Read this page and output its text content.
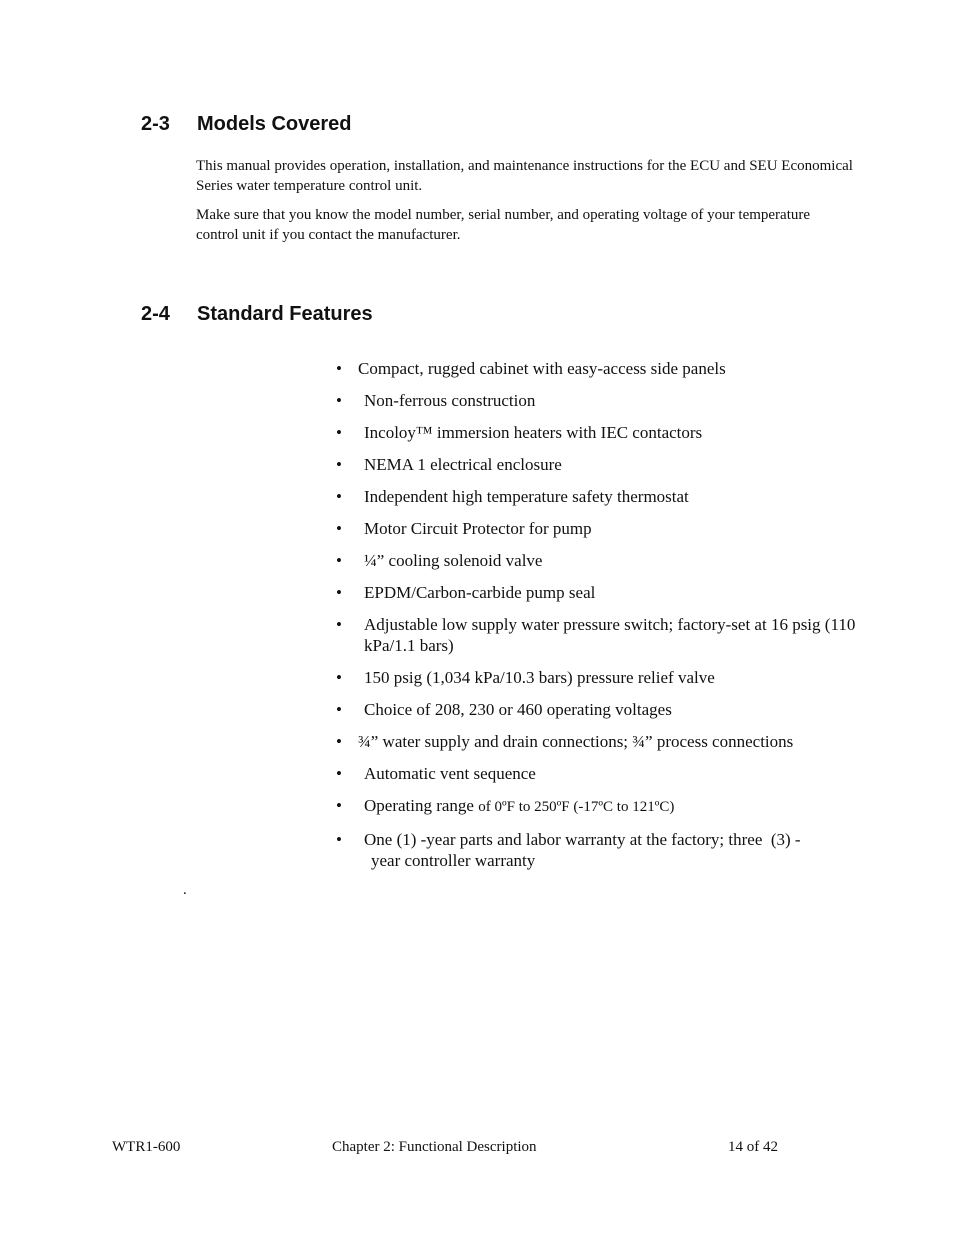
2-3 Models Covered

This manual provides operation, installation, and maintenance instructions for the ECU and SEU Economical Series water temperature control unit.

Make sure that you know the model number, serial number, and operating voltage of your temperature control unit if you contact the manufacturer.

2-4 Standard Features
• Compact, rugged cabinet with easy-access side panels
• Non-ferrous construction
• Incoloy™ immersion heaters with IEC contactors
• NEMA 1 electrical enclosure
• Independent high temperature safety thermostat
• Motor Circuit Protector for pump
• ¼” cooling solenoid valve
• EPDM/Carbon-carbide pump seal
• Adjustable low supply water pressure switch; factory-set at 16 psig (110 kPa/1.1 bars)
• 150 psig (1,034 kPa/10.3 bars) pressure relief valve
• Choice of 208, 230 or 460 operating voltages
• ¾” water supply and drain connections; ¾” process connections
• Automatic vent sequence
• Operating range of 0ºF to 250ºF (-17ºC to 121ºC)
• One (1) -year parts and labor warranty at the factory; three  (3) -
year controller warranty
.
WTR1-600	Chapter 2: Functional Description	14 of 42
